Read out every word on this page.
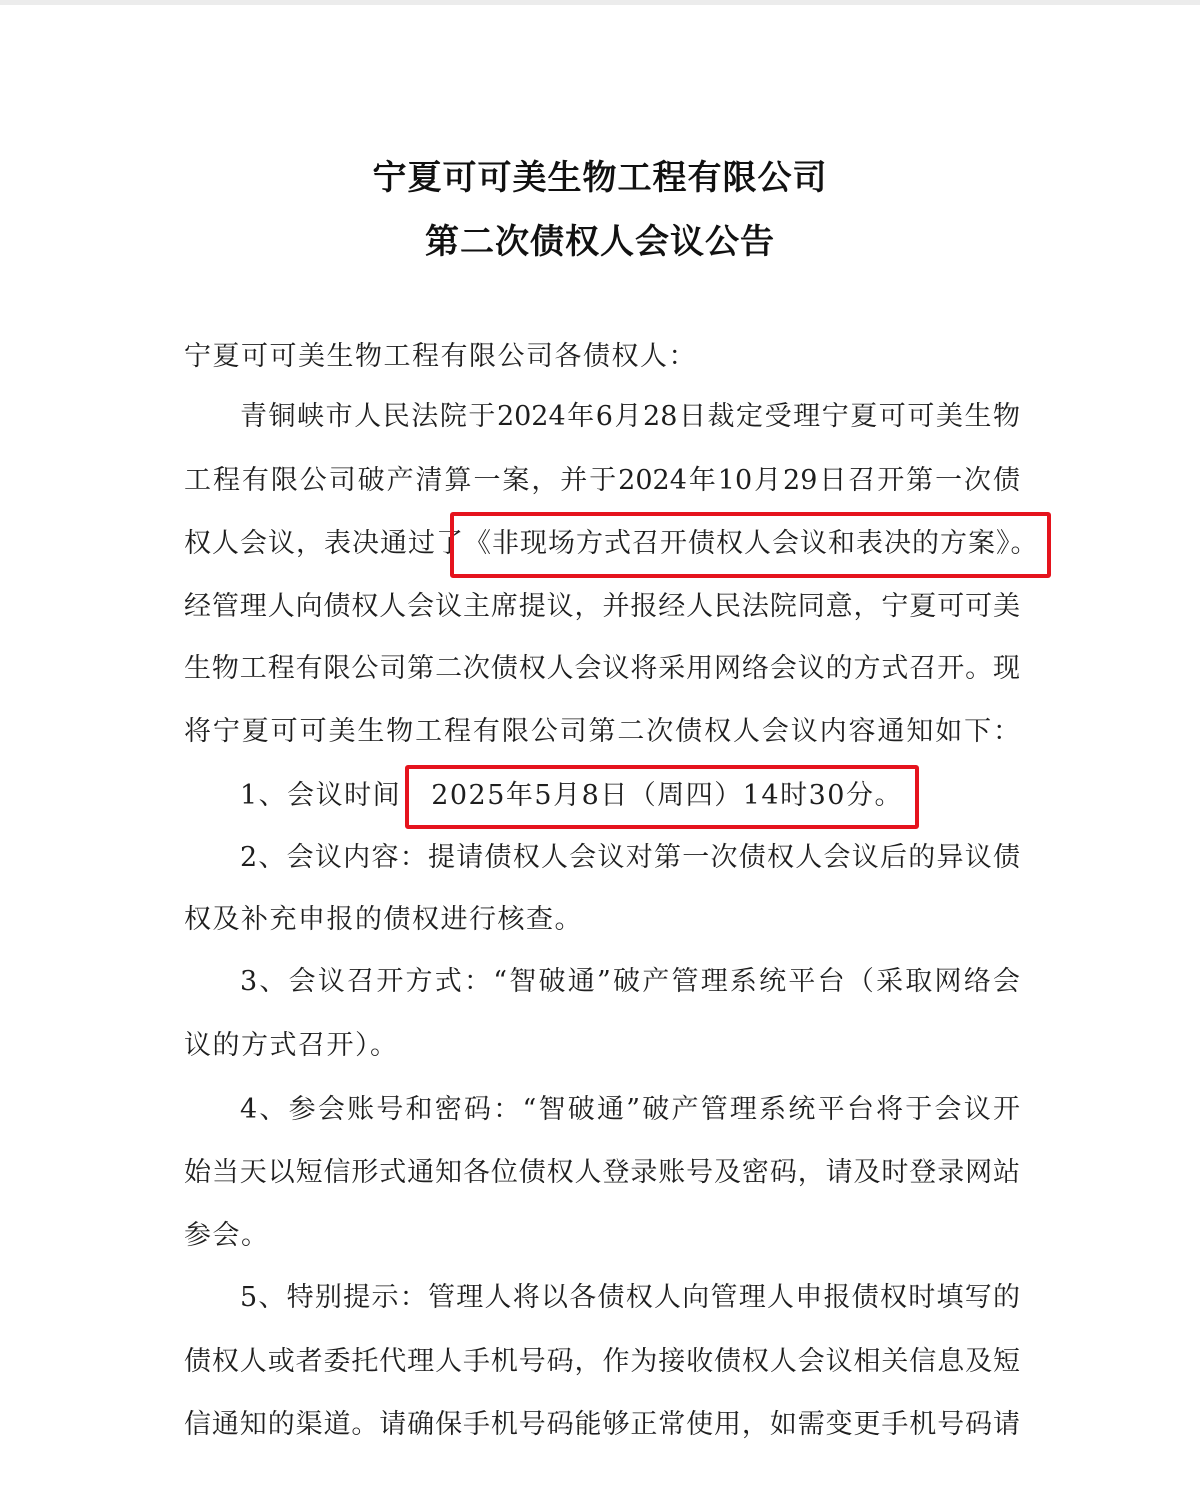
宁夏可可美生物工程有限公司
第二次债权人会议公告
宁夏可可美生物工程有限公司各债权人：
青铜峡市人民法院于2024年6月28日裁定受理宁夏可可美生物
工程有限公司破产清算一案，并于2024年10月29日召开第一次债
权人会议，表决通过了《非现场方式召开债权人会议和表决的方案》。
经管理人向债权人会议主席提议，并报经人民法院同意，宁夏可可美
生物工程有限公司第二次债权人会议将采用网络会议的方式召开。现
将宁夏可可美生物工程有限公司第二次债权人会议内容通知如下：
1、会议时间 2025年5月8日（周四）14时30分。
2、会议内容：提请债权人会议对第一次债权人会议后的异议债
权及补充申报的债权进行核查。
3、会议召开方式：“智破通”破产管理系统平台（采取网络会
议的方式召开）。
4、参会账号和密码：“智破通”破产管理系统平台将于会议开
始当天以短信形式通知各位债权人登录账号及密码，请及时登录网站
参会。
5、特别提示：管理人将以各债权人向管理人申报债权时填写的
债权人或者委托代理人手机号码，作为接收债权人会议相关信息及短
信通知的渠道。请确保手机号码能够正常使用，如需变更手机号码请
